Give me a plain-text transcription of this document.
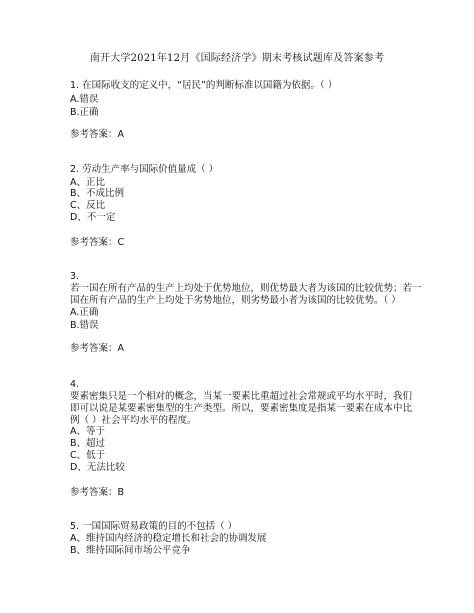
南开大学2021年12月《国际经济学》期末考核试题库及答案参考
1. 在国际收支的定义中，“居民”的判断标准以国籍为依据。（ ）
A.错误
B.正确
参考答案：A
2. 劳动生产率与国际价值量成（ ）
A、正比
B、不成比例
C、反比
D、不一定
参考答案：C
3.
若一国在所有产品的生产上均处于优势地位，则优势最大者为该国的比较优势；若一
国在所有产品的生产上均处于劣势地位，则劣势最小者为该国的比较优势。（ ）
A.正确
B.错误
参考答案：A
4.
要素密集只是一个相对的概念，当某一要素比重超过社会常规或平均水平时，我们
即可以说是某要素密集型的生产类型。所以，要素密集度是指某一要素在成本中比
例（ ）社会平均水平的程度。
A、等于
B、超过
C、低于
D、无法比较
参考答案：B
5. 一国国际贸易政策的目的不包括（ ）
A、维持国内经济的稳定增长和社会的协调发展
B、维持国际间市场公平竞争
